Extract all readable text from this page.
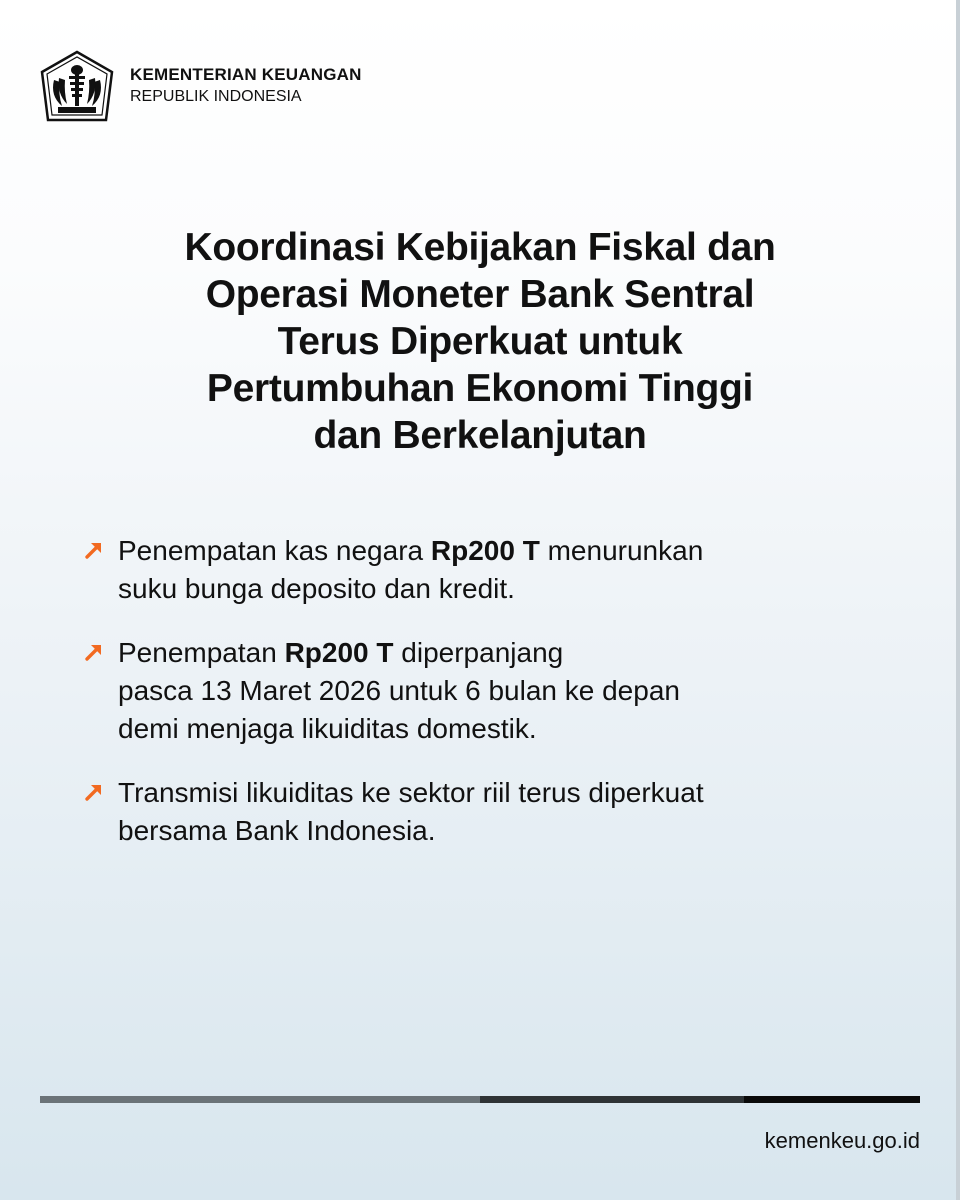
KEMENTERIAN KEUANGAN
REPUBLIK INDONESIA
Koordinasi Kebijakan Fiskal dan
Operasi Moneter Bank Sentral
Terus Diperkuat untuk
Pertumbuhan Ekonomi Tinggi
dan Berkelanjutan
Penempatan kas negara Rp200 T menurunkan
suku bunga deposito dan kredit.
Penempatan Rp200 T diperpanjang
pasca 13 Maret 2026 untuk 6 bulan ke depan
demi menjaga likuiditas domestik.
Transmisi likuiditas ke sektor riil terus diperkuat
bersama Bank Indonesia.
kemenkeu.go.id
